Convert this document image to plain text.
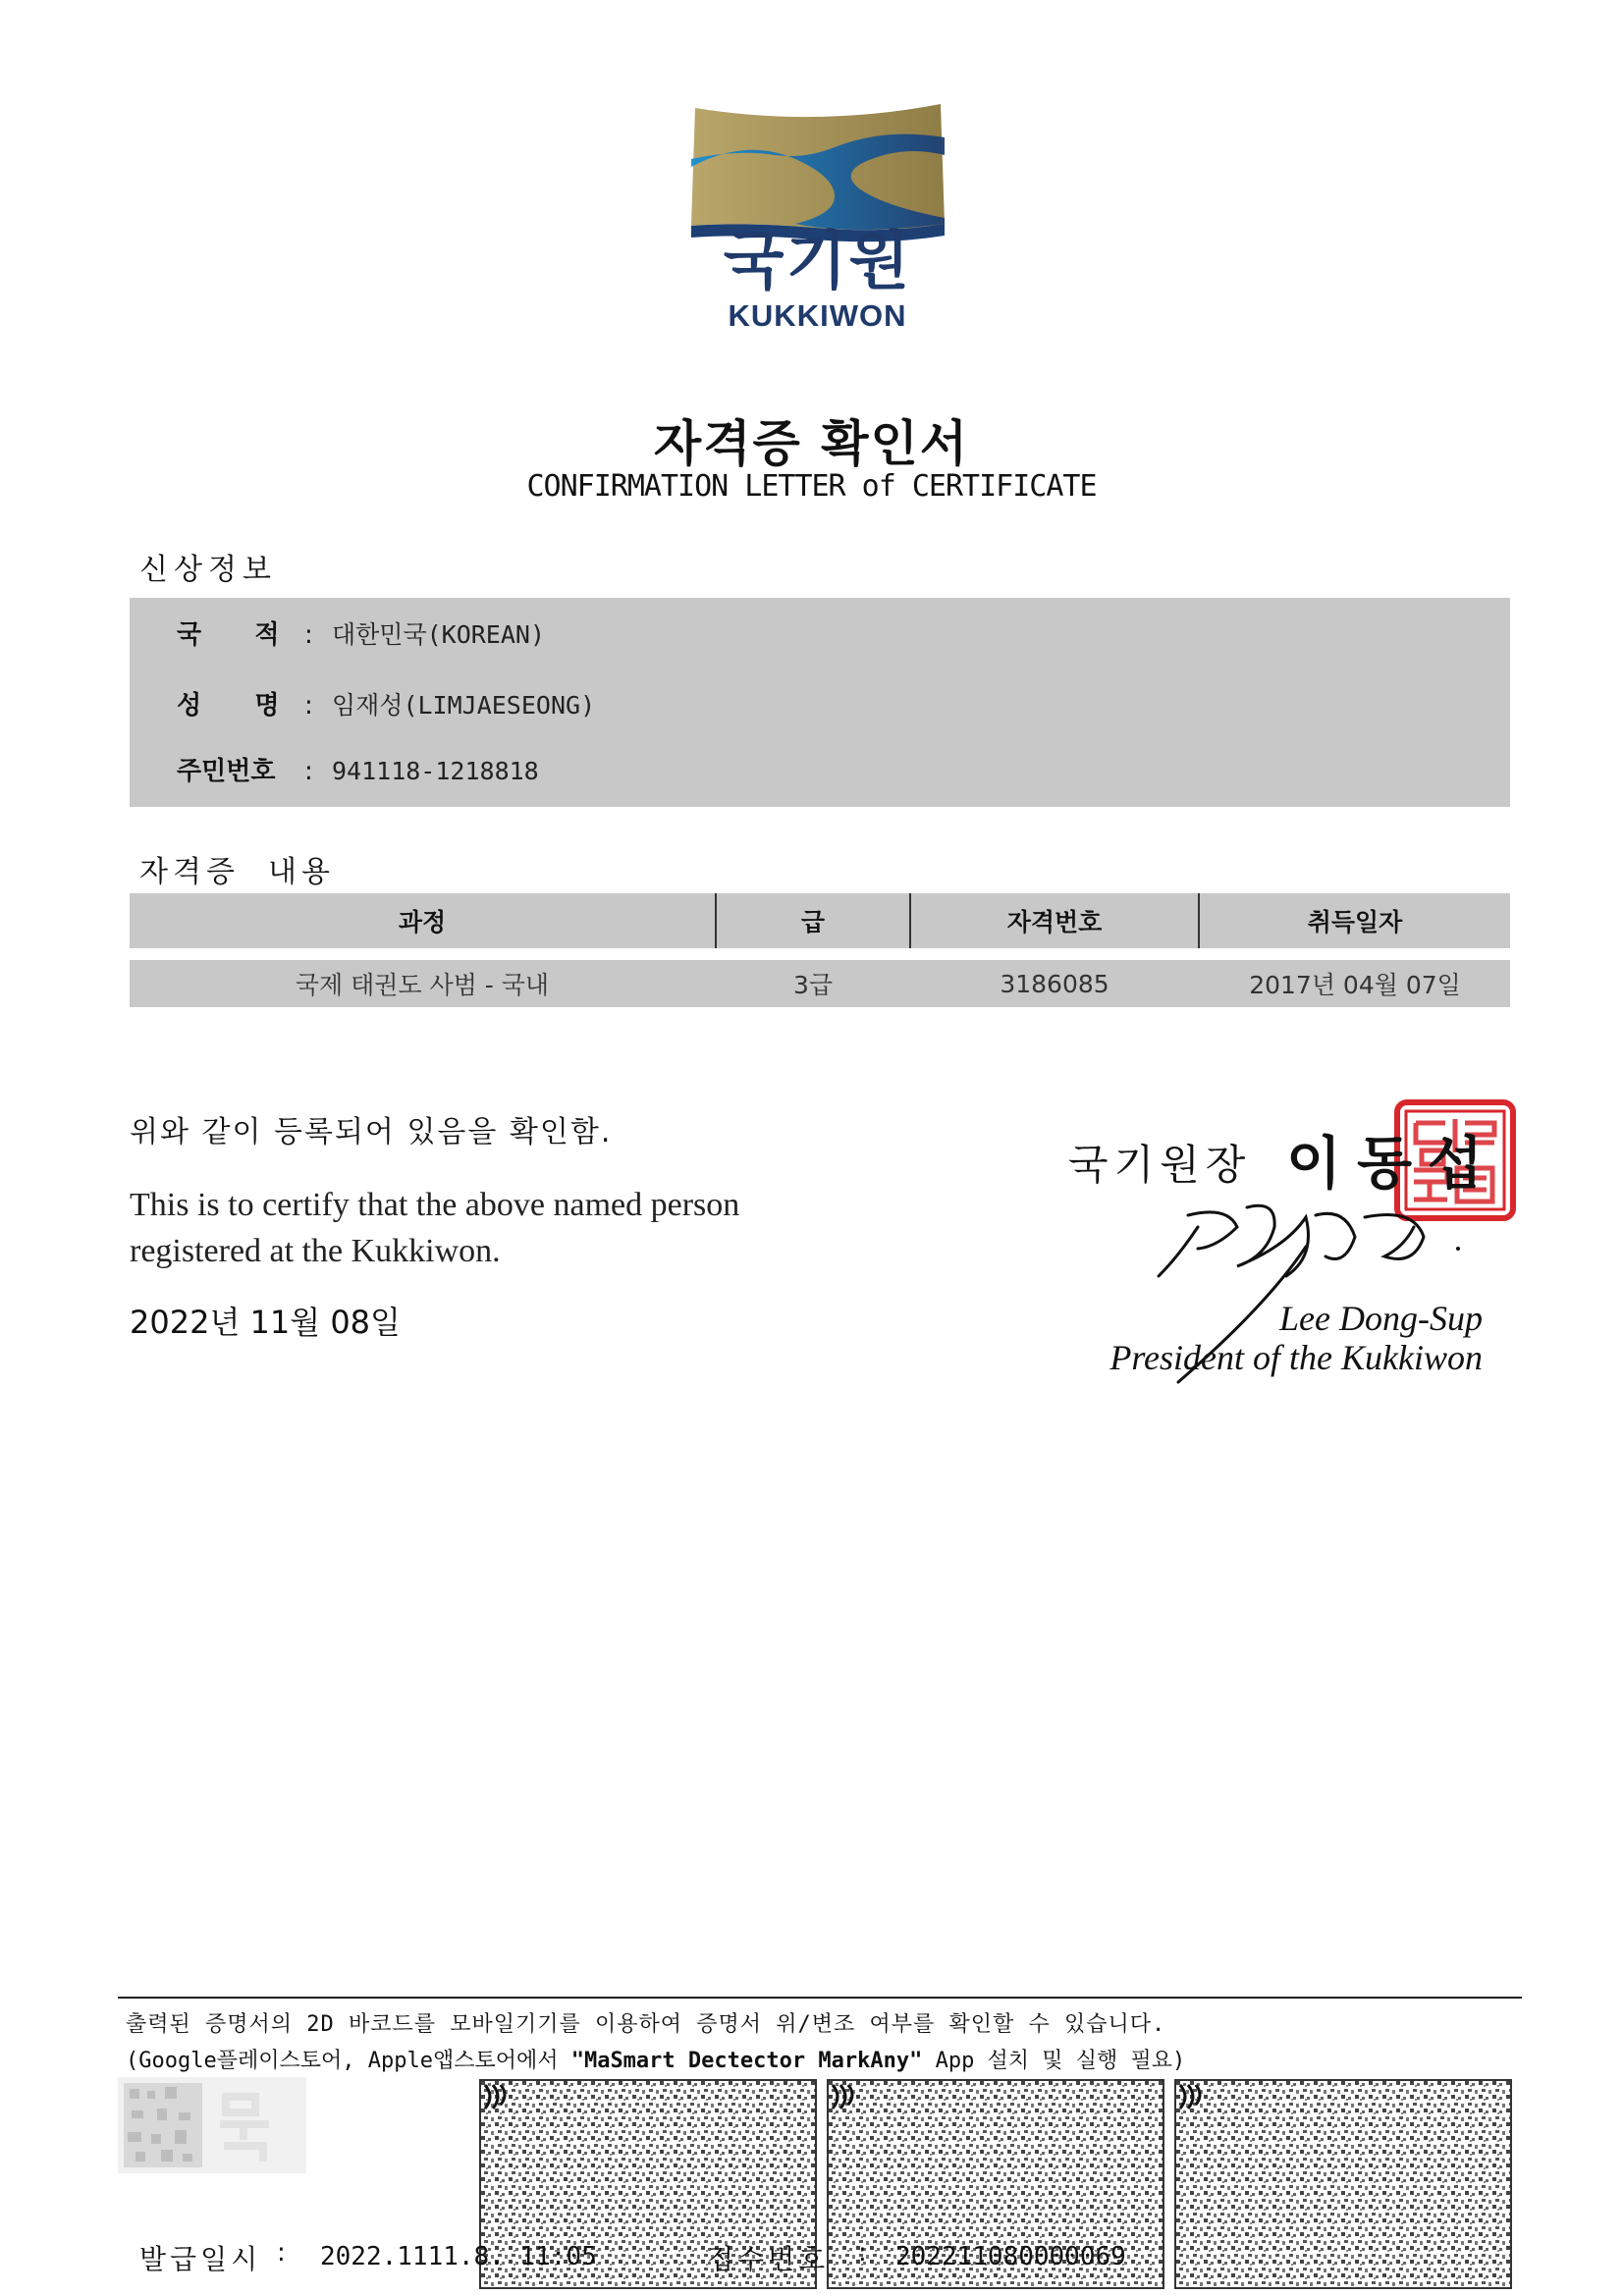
국기원
KUKKIWON
자격증 확인서
CONFIRMATION LETTER of CERTIFICATE
신상정보
국      적 : 대한민국(KOREAN)
성      명 : 임재성(LIMJAESEONG)
주민번호 : 941118-1218818
자격증  내용
과정	급	자격번호	취득일자
국제 태권도 사범 - 국내	3급	3186085	2017년 04월 07일
위와 같이 등록되어 있음을 확인함.
This is to certify that the above named person registered at the Kukkiwon.
2022년 11월 08일
국기원장 이동섭
Lee Dong-Sup
President of the Kukkiwon
출력된 증명서의 2D 바코드를 모바일기기를 이용하여 증명서 위/변조 여부를 확인할 수 있습니다.
(Google플레이스토어, Apple앱스토어에서 "MaSmart Dectector MarkAny" App 설치 및 실행 필요)
발급일시 : 2022.1111.8. 11:05	접수번호 : 202211080000069
